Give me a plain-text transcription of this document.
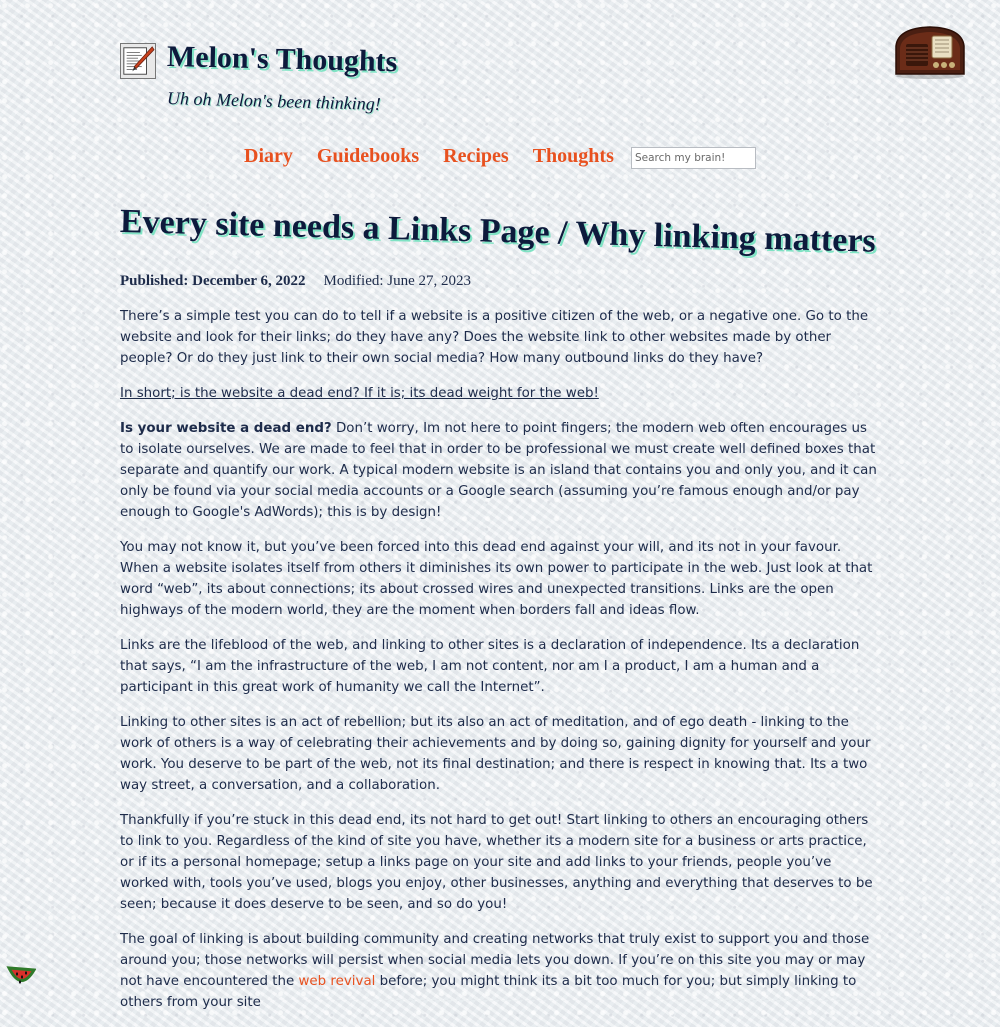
Melon's Thoughts

Uh oh Melon's been thinking!

Diary Guidebooks Recipes Thoughts
Search my brain!
Every site needs a Links Page / Why linking matters
Published: December 6, 2022 Modified: June 27, 2023

There’s a simple test you can do to tell if a website is a positive citizen of the web, or a negative one. Go to the website and look for their links; do they have any? Does the website link to other websites made by other people? Or do they just link to their own social media? How many outbound links do they have?

In short; is the website a dead end? If it is; its dead weight for the web!

Is your website a dead end? Don’t worry, Im not here to point fingers; the modern web often encourages us to isolate ourselves. We are made to feel that in order to be professional we must create well defined boxes that separate and quantify our work. A typical modern website is an island that contains you and only you, and it can only be found via your social media accounts or a Google search (assuming you’re famous enough and/or pay enough to Google's AdWords); this is by design!

You may not know it, but you’ve been forced into this dead end against your will, and its not in your favour. When a website isolates itself from others it diminishes its own power to participate in the web. Just look at that word “web”, its about connections; its about crossed wires and unexpected transitions. Links are the open highways of the modern world, they are the moment when borders fall and ideas flow.

Links are the lifeblood of the web, and linking to other sites is a declaration of independence. Its a declaration that says, “I am the infrastructure of the web, I am not content, nor am I a product, I am a human and a participant in this great work of humanity we call the Internet”.

Linking to other sites is an act of rebellion; but its also an act of meditation, and of ego death - linking to the work of others is a way of celebrating their achievements and by doing so, gaining dignity for yourself and your work. You deserve to be part of the web, not its final destination; and there is respect in knowing that. Its a two way street, a conversation, and a collaboration.

Thankfully if you’re stuck in this dead end, its not hard to get out! Start linking to others an encouraging others to link to you. Regardless of the kind of site you have, whether its a modern site for a business or arts practice, or if its a personal homepage; setup a links page on your site and add links to your friends, people you’ve worked with, tools you’ve used, blogs you enjoy, other businesses, anything and everything that deserves to be seen; because it does deserve to be seen, and so do you!

The goal of linking is about building community and creating networks that truly exist to support you and those around you; those networks will persist when social media lets you down. If you’re on this site you may or may not have encountered the web revival before; you might think its a bit too much for you; but simply linking to others from your site
